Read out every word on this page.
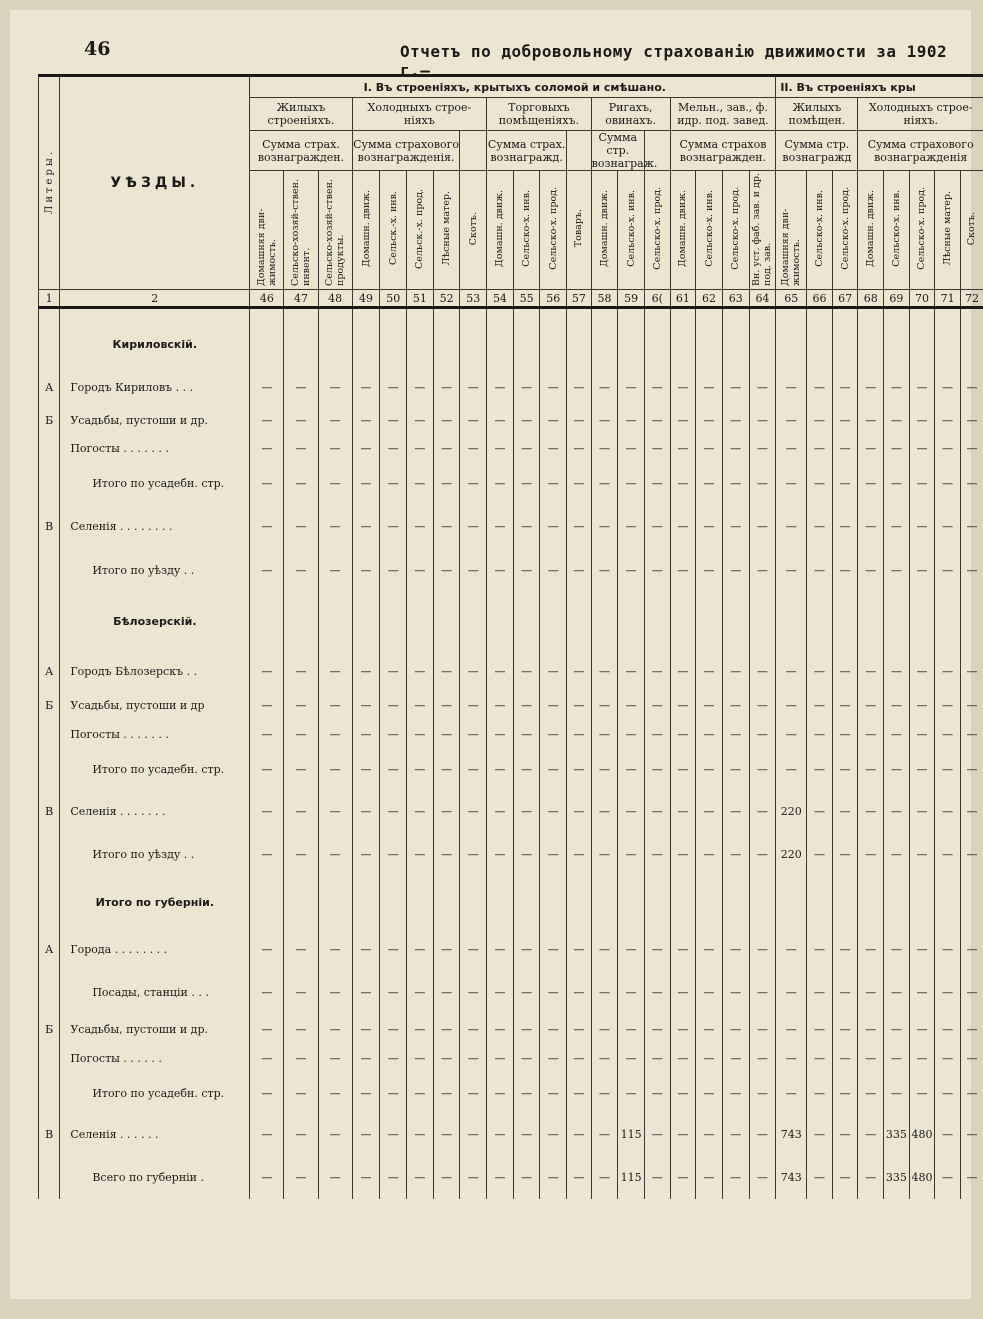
46	Отчетъ по добровольному страхованію движимости за 1902 г.—
Литеры.	УѢЗДЫ.	I. Въ строеніяхъ, крытыхъ соломой и смѣшано.																			II. Въ строеніяхъ кры							
		Жилыхъ строеніяхъ.			Холодныхъ строе-ніяхъ					Торговыхъ помѣщеніяхъ.				Ригахъ, овинахъ.			Мельн., зав., ф. идр. под. завед.				Жилыхъ помѣщен.			Холодныхъ строе-ніяхъ.				
		Сумма страх. вознагражден.			Сумма страхового вознагражденія.					Сумма страх. вознагражд.				Сумма стр. вознаграж.			Сумма страхов вознагражден.				Сумма стр. вознагражд			Сумма страхового вознагражденія				
		Домашняя дви-жимость.	Сельско-хозяй-ствен. инвент.	Сельско-хозяй-ствен. продукты.	Домашн. движ.	Сельск.-х. инв.	Сельск.-х. прод.	Лѣсные матер.	Скотъ.	Домашн. движ.	Сельско-х. инв.	Сельско-х. прод.	Товаръ.	Домашн. движ.	Сельско-х. инв.	Сельско-х. прод.	Домашн. движ.	Сельско-х. инв.	Сельско-х. прод.	Вн. уст. фаб. зав. и др. под. зав.	Домашняя дви-жимость.	Сельско-х. инв.	Сельско-х. прод.	Домашн. движ.	Сельско-х. инв.	Сельско-х. прод.	Лѣсные матер.	Скотъ.
1	2	46	47	48	49	50	51	52	53	54	55	56	57	58	59	6(	61	62	63	64	65	66	67	68	69	70	71	72

	Кириловскій.																											
А	Городъ Кириловъ . . .	—	—	—	—	—	—	—	—	—	—	—	—	—	—	—	—	—	—	—	—	—	—	—	—	—	—	—
Б	Усадьбы, пустоши и др.	—	—	—	—	—	—	—	—	—	—	—	—	—	—	—	—	—	—	—	—	—	—	—	—	—	—	—
	Погосты . . . . . . .	—	—	—	—	—	—	—	—	—	—	—	—	—	—	—	—	—	—	—	—	—	—	—	—	—	—	—
	Итого по усадебн. стр.	—	—	—	—	—	—	—	—	—	—	—	—	—	—	—	—	—	—	—	—	—	—	—	—	—	—	—
В	Селенія . . . . . . . .	—	—	—	—	—	—	—	—	—	—	—	—	—	—	—	—	—	—	—	—	—	—	—	—	—	—	—
	Итого по уѣзду . .	—	—	—	—	—	—	—	—	—	—	—	—	—	—	—	—	—	—	—	—	—	—	—	—	—	—	—
	Бѣлозерскій.																											
А	Городъ Бѣлозерскъ . .	—	—	—	—	—	—	—	—	—	—	—	—	—	—	—	—	—	—	—	—	—	—	—	—	—	—	—
Б	Усадьбы, пустоши и др	—	—	—	—	—	—	—	—	—	—	—	—	—	—	—	—	—	—	—	—	—	—	—	—	—	—	—
	Погосты . . . . . . .	—	—	—	—	—	—	—	—	—	—	—	—	—	—	—	—	—	—	—	—	—	—	—	—	—	—	—
	Итого по усадебн. стр.	—	—	—	—	—	—	—	—	—	—	—	—	—	—	—	—	—	—	—	—	—	—	—	—	—	—	—
В	Селенія . . . . . . .	—	—	—	—	—	—	—	—	—	—	—	—	—	—	—	—	—	—	—	220	—	—	—	—	—	—	—
	Итого по уѣзду . .	—	—	—	—	—	—	—	—	—	—	—	—	—	—	—	—	—	—	—	220	—	—	—	—	—	—	—
	Итого по губерніи.																											
А	Города . . . . . . . .	—	—	—	—	—	—	—	—	—	—	—	—	—	—	—	—	—	—	—	—	—	—	—	—	—	—	—
	Посады, станціи . . .	—	—	—	—	—	—	—	—	—	—	—	—	—	—	—	—	—	—	—	—	—	—	—	—	—	—	—
Б	Усадьбы, пустоши и др.	—	—	—	—	—	—	—	—	—	—	—	—	—	—	—	—	—	—	—	—	—	—	—	—	—	—	—
	Погосты . . . . . .	—	—	—	—	—	—	—	—	—	—	—	—	—	—	—	—	—	—	—	—	—	—	—	—	—	—	—
	Итого по усадебн. стр.	—	—	—	—	—	—	—	—	—	—	—	—	—	—	—	—	—	—	—	—	—	—	—	—	—	—	—
В	Селенія . . . . . .	—	—	—	—	—	—	—	—	—	—	—	—	—	115	—	—	—	—	—	743	—	—	—	335	480	—	—
	Всего по губерніи .	—	—	—	—	—	—	—	—	—	—	—	—	—	115	—	—	—	—	—	743	—	—	—	335	480	—	—
